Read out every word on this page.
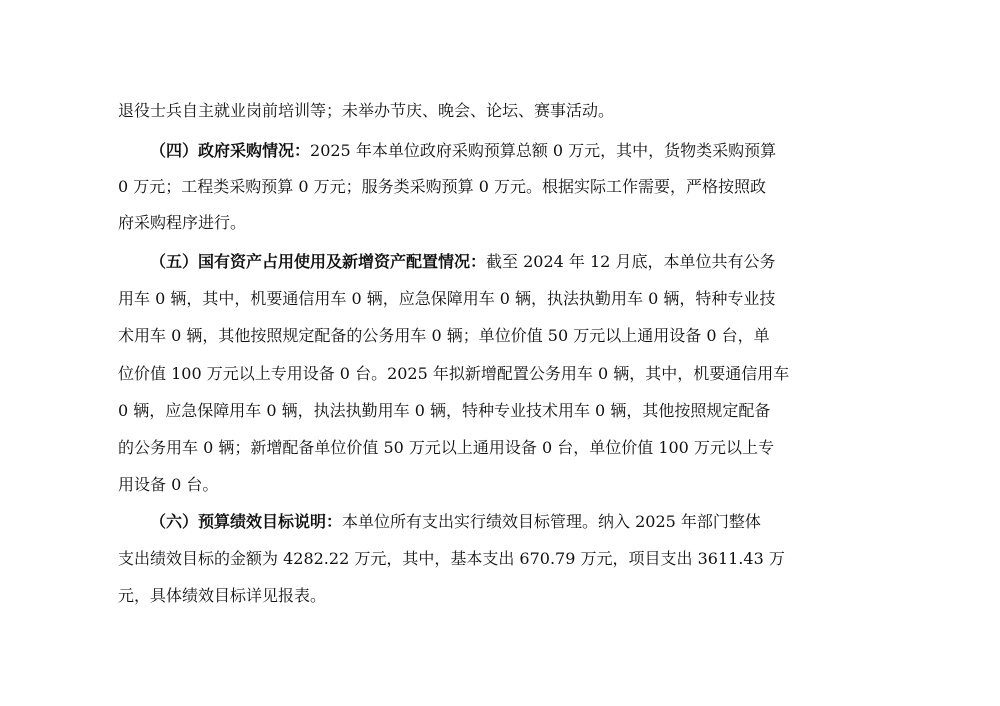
退役士兵自主就业岗前培训等；未举办节庆、晚会、论坛、赛事活动。
（四）政府采购情况：2025 年本单位政府采购预算总额 0 万元，其中，货物类采购预算
0 万元；工程类采购预算 0 万元；服务类采购预算 0 万元。根据实际工作需要，严格按照政
府采购程序进行。
（五）国有资产占用使用及新增资产配置情况：截至 2024 年 12 月底，本单位共有公务
用车 0 辆，其中，机要通信用车 0 辆，应急保障用车 0 辆，执法执勤用车 0 辆，特种专业技
术用车 0 辆，其他按照规定配备的公务用车 0 辆；单位价值 50 万元以上通用设备 0 台，单
位价值 100 万元以上专用设备 0 台。2025 年拟新增配置公务用车 0 辆，其中，机要通信用车
0 辆，应急保障用车 0 辆，执法执勤用车 0 辆，特种专业技术用车 0 辆，其他按照规定配备
的公务用车 0 辆；新增配备单位价值 50 万元以上通用设备 0 台，单位价值 100 万元以上专
用设备 0 台。
（六）预算绩效目标说明：本单位所有支出实行绩效目标管理。纳入 2025 年部门整体
支出绩效目标的金额为 4282.22 万元，其中，基本支出 670.79 万元，项目支出 3611.43 万
元，具体绩效目标详见报表。
